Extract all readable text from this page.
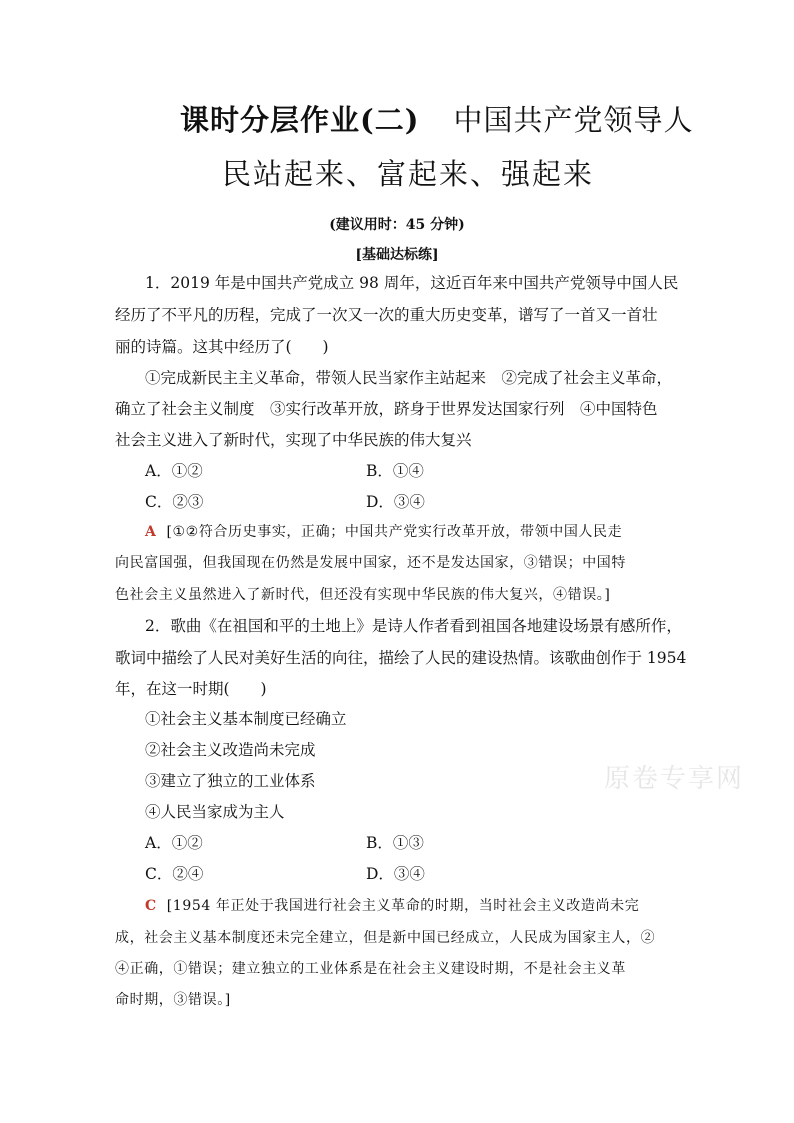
课时分层作业(二) 中国共产党领导人
民站起来、富起来、强起来
(建议用时：45 分钟)
[基础达标练]
1．2019 年是中国共产党成立 98 周年，这近百年来中国共产党领导中国人民
经历了不平凡的历程，完成了一次又一次的重大历史变革，谱写了一首又一首壮
丽的诗篇。这其中经历了(　　)
①完成新民主主义革命，带领人民当家作主站起来　②完成了社会主义革命，
确立了社会主义制度　③实行改革开放，跻身于世界发达国家行列　④中国特色
社会主义进入了新时代，实现了中华民族的伟大复兴
A．①②	B．①④
C．②③	D．③④
A [①②符合历史事实，正确；中国共产党实行改革开放，带领中国人民走
向民富国强，但我国现在仍然是发展中国家，还不是发达国家，③错误；中国特
色社会主义虽然进入了新时代，但还没有实现中华民族的伟大复兴，④错误。]
2．歌曲《在祖国和平的土地上》是诗人作者看到祖国各地建设场景有感所作，
歌词中描绘了人民对美好生活的向往，描绘了人民的建设热情。该歌曲创作于 1954
年，在这一时期(　　)
①社会主义基本制度已经确立
②社会主义改造尚未完成
③建立了独立的工业体系
④人民当家成为主人
A．①②	B．①③
C．②④	D．③④
C [1954 年正处于我国进行社会主义革命的时期，当时社会主义改造尚未完
成，社会主义基本制度还未完全建立，但是新中国已经成立，人民成为国家主人，②
④正确，①错误；建立独立的工业体系是在社会主义建设时期，不是社会主义革
命时期，③错误。]
原卷专享网
